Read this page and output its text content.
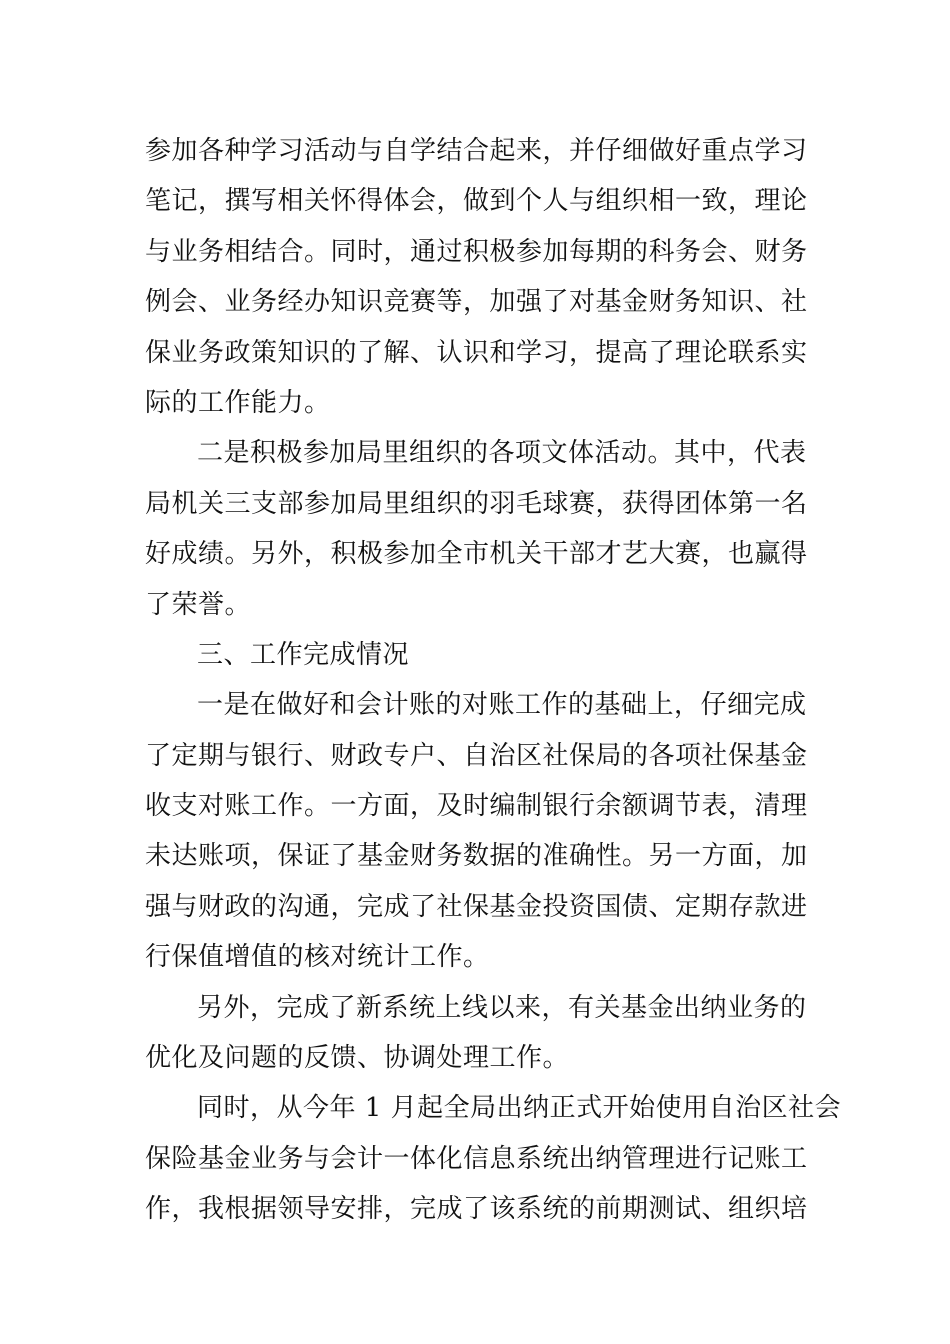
参加各种学习活动与自学结合起来，并仔细做好重点学习
笔记，撰写相关怀得体会，做到个人与组织相一致，理论
与业务相结合。同时，通过积极参加每期的科务会、财务
例会、业务经办知识竞赛等，加强了对基金财务知识、社
保业务政策知识的了解、认识和学习，提高了理论联系实
际的工作能力。
二是积极参加局里组织的各项文体活动。其中，代表
局机关三支部参加局里组织的羽毛球赛，获得团体第一名
好成绩。另外，积极参加全市机关干部才艺大赛，也赢得
了荣誉。
三、工作完成情况
一是在做好和会计账的对账工作的基础上，仔细完成
了定期与银行、财政专户、自治区社保局的各项社保基金
收支对账工作。一方面，及时编制银行余额调节表，清理
未达账项，保证了基金财务数据的准确性。另一方面，加
强与财政的沟通，完成了社保基金投资国债、定期存款进
行保值增值的核对统计工作。
另外，完成了新系统上线以来，有关基金出纳业务的
优化及问题的反馈、协调处理工作。
同时，从今年 1 月起全局出纳正式开始使用自治区社会
保险基金业务与会计一体化信息系统出纳管理进行记账工
作，我根据领导安排，完成了该系统的前期测试、组织培
